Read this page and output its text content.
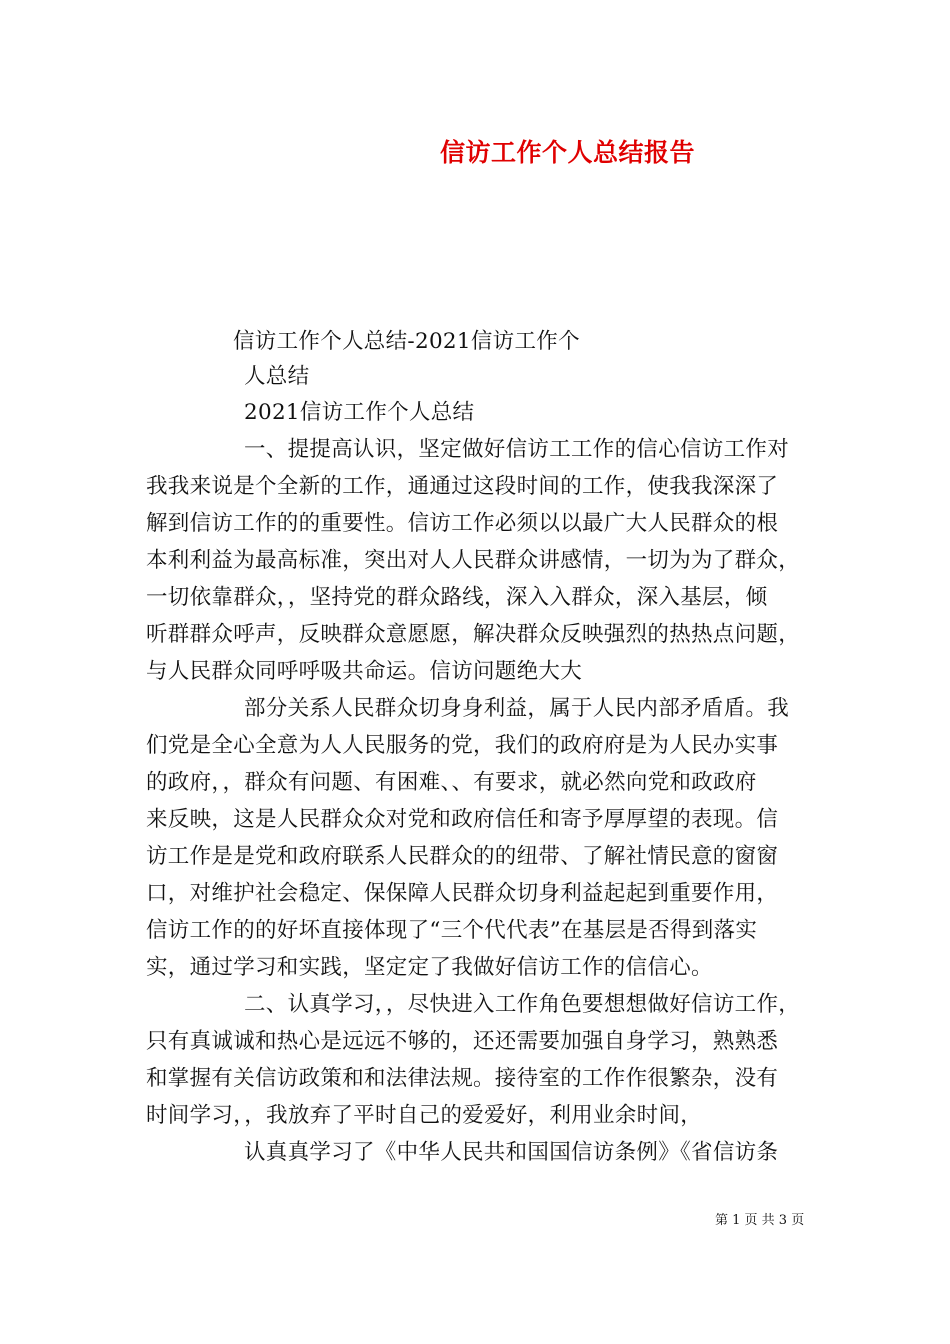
信访工作个人总结报告
信访工作个人总结-2021信访工作个
人总结
2021信访工作个人总结
一、提提高认识，坚定做好信访工工作的信心信访工作对
我我来说是个全新的工作，通通过这段时间的工作，使我我深深了
解到信访工作的的重要性。信访工作必须以以最广大人民群众的根
本利利益为最高标准，突出对人人民群众讲感情，一切为为了群众，
一切依靠群众，，坚持党的群众路线，深入入群众，深入基层，倾
听群群众呼声，反映群众意愿愿，解决群众反映强烈的热热点问题，
与人民群众同呼呼吸共命运。信访问题绝大大
部分关系人民群众切身身利益，属于人民内部矛盾盾。我
们党是全心全意为人人民服务的党，我们的政府府是为人民办实事
的政府，，群众有问题、有困难、、有要求，就必然向党和政政府
来反映，这是人民群众众对党和政府信任和寄予厚厚望的表现。信
访工作是是党和政府联系人民群众的的纽带、了解社情民意的窗窗
口，对维护社会稳定、保保障人民群众切身利益起起到重要作用，
信访工作的的好坏直接体现了“三个代代表”在基层是否得到落实
实，通过学习和实践，坚定定了我做好信访工作的信信心。
二、认真学习，，尽快进入工作角色要想想做好信访工作，
只有真诚诚和热心是远远不够的，还还需要加强自身学习，熟熟悉
和掌握有关信访政策和和法律法规。接待室的工作作很繁杂，没有
时间学习，，我放弃了平时自己的爱爱好，利用业余时间，
认真真学习了《中华人民共和国国信访条例》《省信访条
第 1 页 共 3 页
